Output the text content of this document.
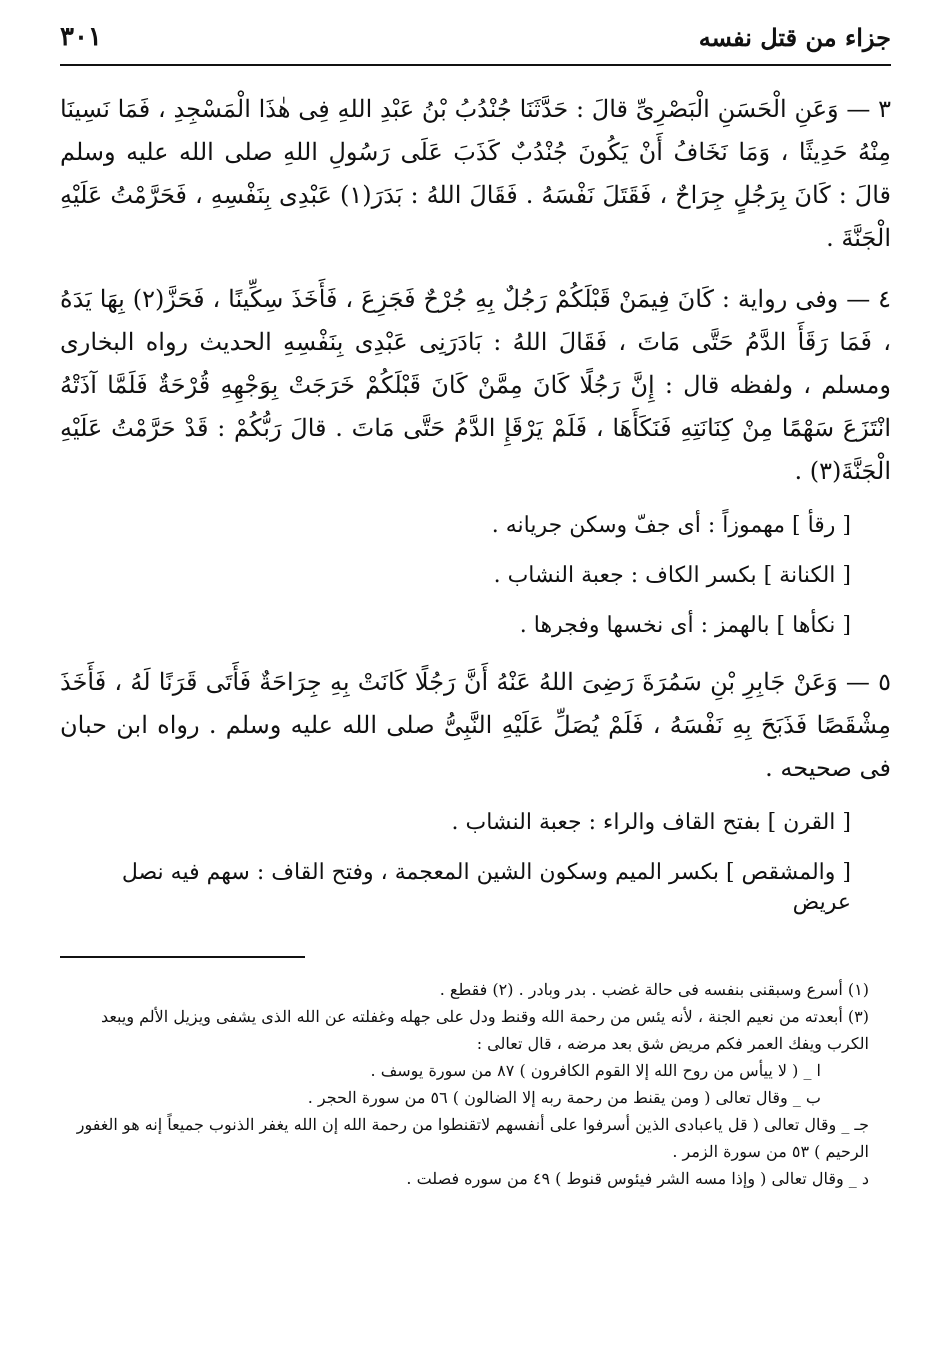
جزاء من قتل نفسه
٣٠١

٣ — وَعَنِ الْحَسَنِ الْبَصْرِىِّ قالَ : حَدَّثَنَا جُنْدُبُ بْنُ عَبْدِ اللهِ فِى هٰذَا الْمَسْجِدِ ، فَمَا نَسِينَا مِنْهُ حَدِيثًا ، وَمَا نَخَافُ أَنْ يَكُونَ جُنْدُبٌ كَذَبَ عَلَى رَسُولِ اللهِ صلى الله عليه وسلم قالَ : كَانَ بِرَجُلٍ جِرَاحٌ ، فَقَتَلَ نَفْسَهُ . فَقَالَ اللهُ : بَدَرَ(١) عَبْدِى بِنَفْسِهِ ، فَحَرَّمْتُ عَلَيْهِ الْجَنَّةَ .

٤ — وفى رواية : كَانَ فِيمَنْ قَبْلَكُمْ رَجُلٌ بِهِ جُرْحٌ فَجَزِعَ ، فَأَخَذَ سِكِّينًا ، فَحَزَّ(٢) بِهَا يَدَهُ ، فَمَا رَقَأَ الدَّمُ حَتَّى مَاتَ ، فَقَالَ اللهُ : بَادَرَنِى عَبْدِى بِنَفْسِهِ الحديث رواه البخارى ومسلم ، ولفظه قال : إِنَّ رَجُلًا كَانَ مِمَّنْ كَانَ قَبْلَكُمْ خَرَجَتْ بِوَجْهِهِ قُرْحَةٌ فَلَمَّا آذَتْهُ انْتَزَعَ سَهْمًا مِنْ كِنَانَتِهِ فَنَكَأَهَا ، فَلَمْ يَرْقَإِ الدَّمُ حَتَّى مَاتَ . قالَ رَبُّكُمْ : قَدْ حَرَّمْتُ عَلَيْهِ الْجَنَّةَ(٣) .

[ رقأ ] مهموزاً : أى جفّ وسكن جريانه .

[ الكنانة ] بكسر الكاف : جعبة النشاب .

[ نكأها ] بالهمز : أى نخسها وفجرها .

٥ — وَعَنْ جَابِرِ بْنِ سَمُرَةَ رَضِىَ اللهُ عَنْهُ أَنَّ رَجُلًا كَانَتْ بِهِ جِرَاحَةٌ فَأَتَى قَرَنًا لَهُ ، فَأَخَذَ مِشْقَصًا فَذَبَحَ بِهِ نَفْسَهُ ، فَلَمْ يُصَلِّ عَلَيْهِ النَّبِىُّ صلى الله عليه وسلم . رواه ابن حبان فى صحيحه .

[ القرن ] بفتح القاف والراء : جعبة النشاب .

[ والمشقص ] بكسر الميم وسكون الشين المعجمة ، وفتح القاف : سهم فيه نصل عريض

(١) أسرع وسبقنى بنفسه فى حالة غضب . بدر وبادر . (٢) فقطع .

(٣) أبعدته من نعيم الجنة ، لأنه يئس من رحمة الله وقنط ودل على جهله وغفلته عن الله الذى يشفى ويزيل الألم ويبعد الكرب ويفك العمر فكم مريض شق بعد مرضه ، قال تعالى :

ا _ ( لا ييأس من روح الله إلا القوم الكافرون ) ٨٧ من سورة يوسف .

ب _ وقال تعالى ( ومن يقنط من رحمة ربه إلا الضالون ) ٥٦ من سورة الحجر .

جـ _ وقال تعالى ( قل ياعبادى الذين أسرفوا على أنفسهم لاتقنطوا من رحمة الله إن الله يغفر الذنوب جميعاً إنه هو الغفور الرحيم ) ٥٣ من سورة الزمر .

د _ وقال تعالى ( وإذا مسه الشر فيئوس قنوط ) ٤٩ من سوره فصلت .
